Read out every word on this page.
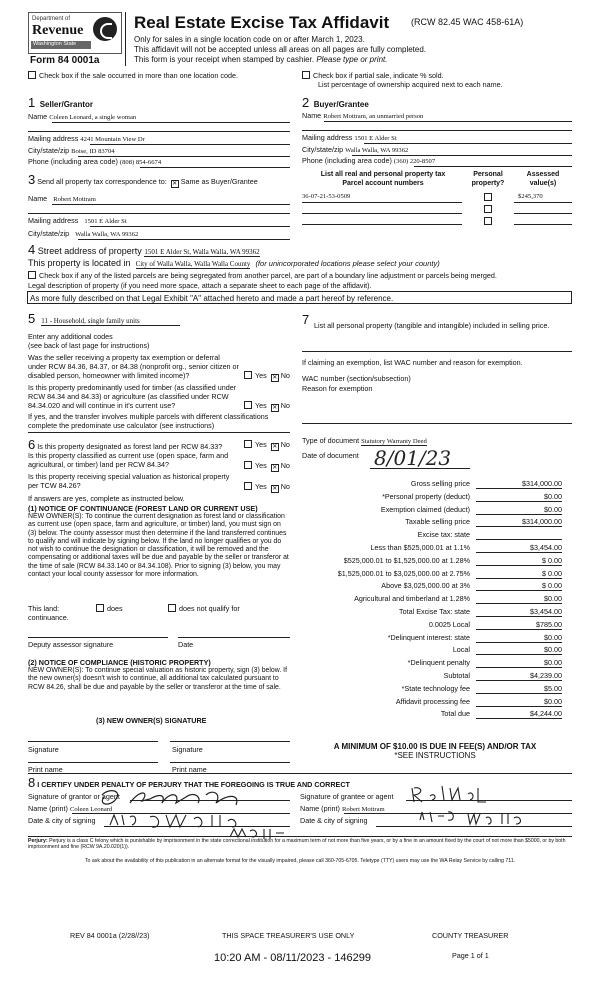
Department of
Revenue
Washington State
Form 84 0001a
Real Estate Excise Tax Affidavit (RCW 82.45 WAC 458-61A)
Only for sales in a single location code on or after March 1, 2023.
This affidavit will not be accepted unless all areas on all pages are fully completed.
This form is your receipt when stamped by cashier. Please type or print.
Check box if the sale occurred in more than one location code.	Check box if partial sale, indicate % sold.
List percentage of ownership acquired next to each name.
1 Seller/Grantor
Name Coleen Leonard, a single woman
Mailing address 4241 Mountain View Dr
City/state/zip Boise, ID 83704
Phone (including area code) (808) 854-6674
2 Buyer/Grantee
Name Robert Mottram, an unmarried person
Mailing address 1501 E Alder St
City/state/zip Walla Walla, WA 99362
Phone (including area code) (360) 220-8507
3 Send all property tax correspondence to: ✕ Same as Buyer/Grantee
Name Robert Mottram
Mailing address 1501 E Alder St
City/state/zip Walla Walla, WA 99362
List all real and personal property tax
Parcel account numbers
Personal
property?
Assessed
value(s)
36-07-21-53-0509	$245,370
4 Street address of property 1501 E Alder St, Walla Walla, WA 99362
This property is located in City of Walla Walla, Walla Walla County (for unincorporated locations please select your county)
Check box if any of the listed parcels are being segregated from another parcel, are part of a boundary line adjustment or parcels being merged.
Legal description of property (if you need more space, attach a separate sheet to each page of the affidavit).
As more fully described on that Legal Exhibit "A" attached hereto and made a part hereof by reference.
5 11 - Household, single family units
Enter any additional codes
(see back of last page for instructions)
Was the seller receiving a property tax exemption or deferral under RCW 84.36, 84.37, or 84.38 (nonprofit org., senior citizen or disabled person, homeowner with limited income)?	Yes ✕ No
Is this property predominantly used for timber (as classified under RCW 84.34 and 84.33) or agriculture (as classified under RCW 84.34.020 and will continue in it's current use?	Yes ✕ No
If yes, and the transfer involves multiple parcels with different classifications complete the predominate use calculator (see instructions)
7 List all personal property (tangible and intangible) included in selling price.
If claiming an exemption, list WAC number and reason for exemption.
WAC number (section/subsection)
Reason for exemption
Type of document Statutory Warranty Deed
Date of document 8/01/23
6 Is this property designated as forest land per RCW 84.33?	Yes ✕ No
Is this property classified as current use (open space, farm and agricultural, or timber) land per RCW 84.34?	Yes ✕ No
Is this property receiving special valuation as historical property per TCW 84.26?	Yes ✕ No
If answers are yes, complete as instructed below.
(1) NOTICE OF CONTINUANCE (FOREST LAND OR CURRENT USE)
NEW OWNER(S): To continue the current designation as forest land or classification as current use (open space, farm and agriculture, or timber) land, you must sign on (3) below. The county assessor must then determine if the land transferred continues to qualify and will indicate by signing below. If the land no longer qualifies or you do not wish to continue the designation or classification, it will be removed and the compensating or additional taxes will be due and payable by the seller or transferor at the time of sale (RCW 84.33.140 or 84.34.108). Prior to signing (3) below, you may contact your local county assessor for more information.
This land:
continuance.
does	does not qualify for
Deputy assessor signature	Date
(2) NOTICE OF COMPLIANCE (HISTORIC PROPERTY)
NEW OWNER(S): To continue special valuation as historic property, sign (3) below. If the new owner(s) doesn't wish to continue, all additional tax calculated pursuant to RCW 84.26, shall be due and payable by the seller or transferor at the time of sale.
(3) NEW OWNER(S) SIGNATURE
Signature	Signature
Print name	Print name
Gross selling price	$314,000.00
*Personal property (deduct)	$0.00
Exemption claimed (deduct)	$0.00
Taxable selling price	$314,000.00
Excise tax: state
Less than $525,000.01 at 1.1%	$3,454.00
$525,000.01 to $1,525,000.00 at 1.28%	$ 0.00
$1,525,000.01 to $3,025,000.00 at 2.75%	$ 0.00
Above $3,025,000.00 at 3%	$ 0.00
Agricultural and timberland at 1.28%	$0.00
Total Excise Tax: state	$3,454.00
0.0025 Local	$785.00
*Delinquent interest: state	$0.00
Local	$0.00
*Delinquent penalty	$0.00
Subtotal	$4,239.00
*State technology fee	$5.00
Affidavit processing fee	$0.00
Total due	$4,244.00
A MINIMUM OF $10.00 IS DUE IN FEE(S) AND/OR TAX
*SEE INSTRUCTIONS
8 I CERTIFY UNDER PENALTY OF PERJURY THAT THE FOREGOING IS TRUE AND CORRECT
Signature of grantor or agent
Name (print) Coleen Leonard
Date & city of signing
Signature of grantee or agent
Name (print) Robert Mottram
Date & city of signing
Perjury: Perjury is a class C felony which is punishable by imprisonment in the state correctional institution for a maximum term of not more than five years, or by a fine in an amount fixed by the court of not more than $5000, or by both imprisonment and fine (RCW 9A.20.020(1)).
To ask about the availability of this publication in an alternate format for the visually impaired, please call 360-705-6705. Teletype (TTY) users may use the WA Relay Service by calling 711.
REV 84 0001a (2/28//23)	THIS SPACE TREASURER'S USE ONLY	COUNTY TREASURER
Page 1 of 1
10:20 AM - 08/11/2023 - 146299
